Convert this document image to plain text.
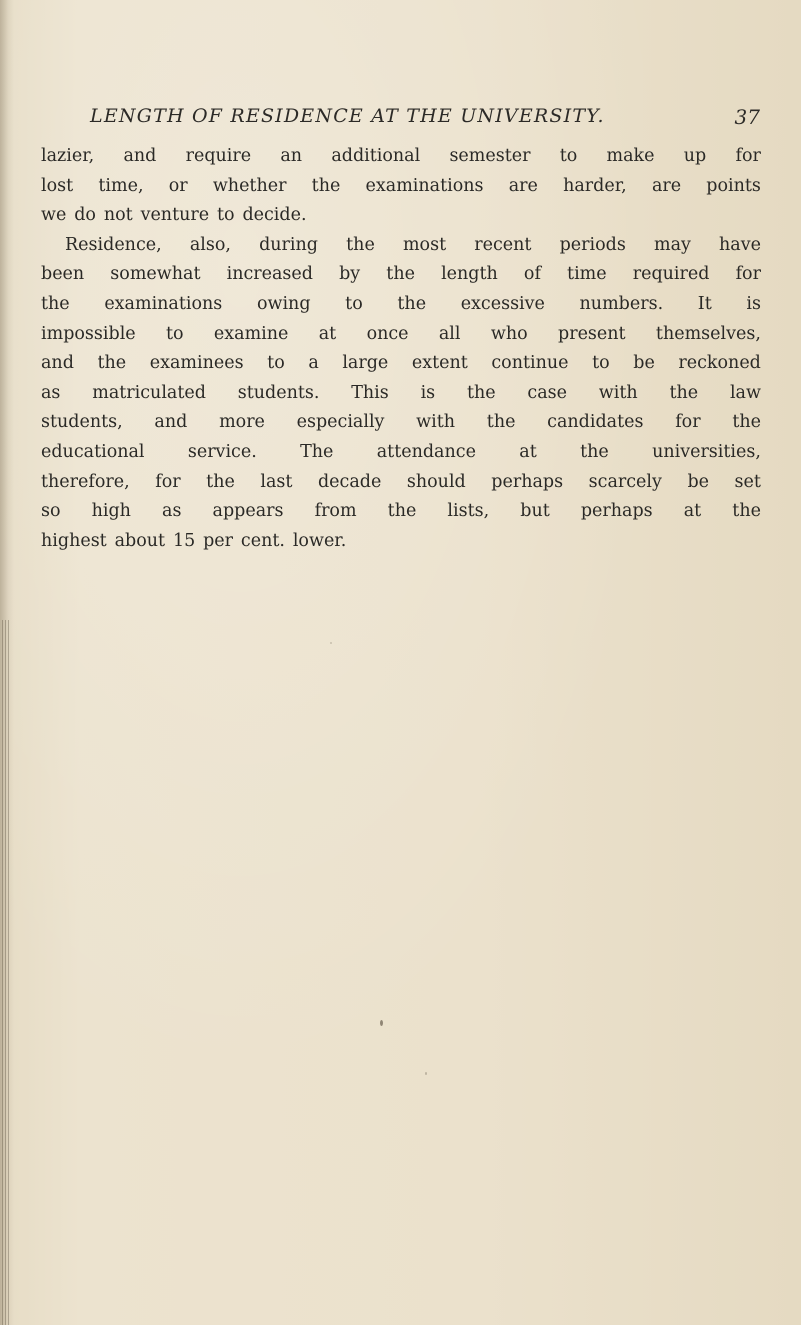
LENGTH OF RESIDENCE AT THE UNIVERSITY.	37
lazier, and require an additional semester to make up for
lost time, or whether the examinations are harder, are points
we do not venture to decide.
Residence, also, during the most recent periods may have
been somewhat increased by the length of time required for
the examinations owing to the excessive numbers. It is
impossible to examine at once all who present themselves,
and the examinees to a large extent continue to be reckoned
as matriculated students. This is the case with the law
students, and more especially with the candidates for the
educational service. The attendance at the universities,
therefore, for the last decade should perhaps scarcely be set
so high as appears from the lists, but perhaps at the
highest about 15 per cent. lower.
